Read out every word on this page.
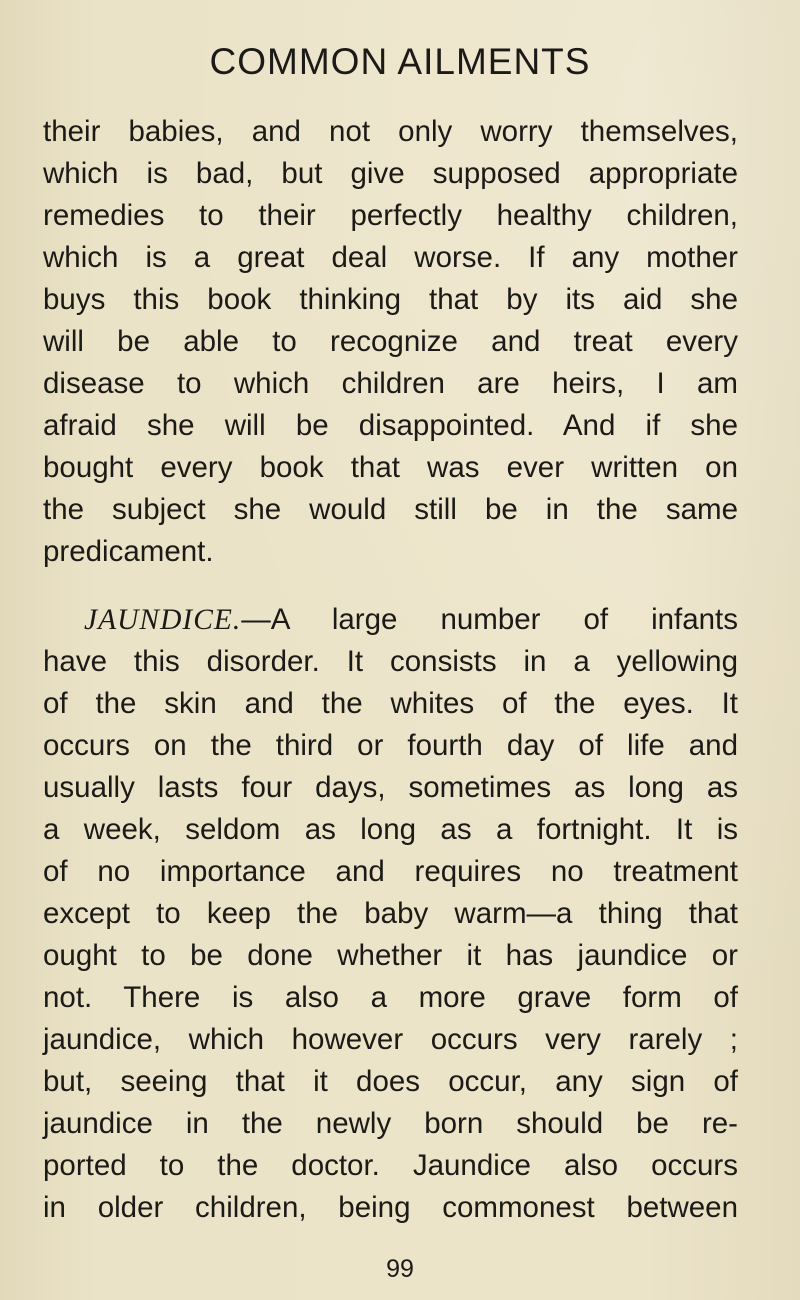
COMMON AILMENTS
their babies, and not only worry themselves,
which is bad, but give supposed appropriate
remedies to their perfectly healthy children,
which is a great deal worse. If any mother
buys this book thinking that by its aid she
will be able to recognize and treat every
disease to which children are heirs, I am
afraid she will be disappointed. And if she
bought every book that was ever written on
the subject she would still be in the same
predicament.
JAUNDICE.—A large number of infants
have this disorder. It consists in a yellowing
of the skin and the whites of the eyes. It
occurs on the third or fourth day of life and
usually lasts four days, sometimes as long as
a week, seldom as long as a fortnight. It is
of no importance and requires no treatment
except to keep the baby warm—a thing that
ought to be done whether it has jaundice or
not. There is also a more grave form of
jaundice, which however occurs very rarely ;
but, seeing that it does occur, any sign of
jaundice in the newly born should be re-
ported to the doctor. Jaundice also occurs
in older children, being commonest between
99
